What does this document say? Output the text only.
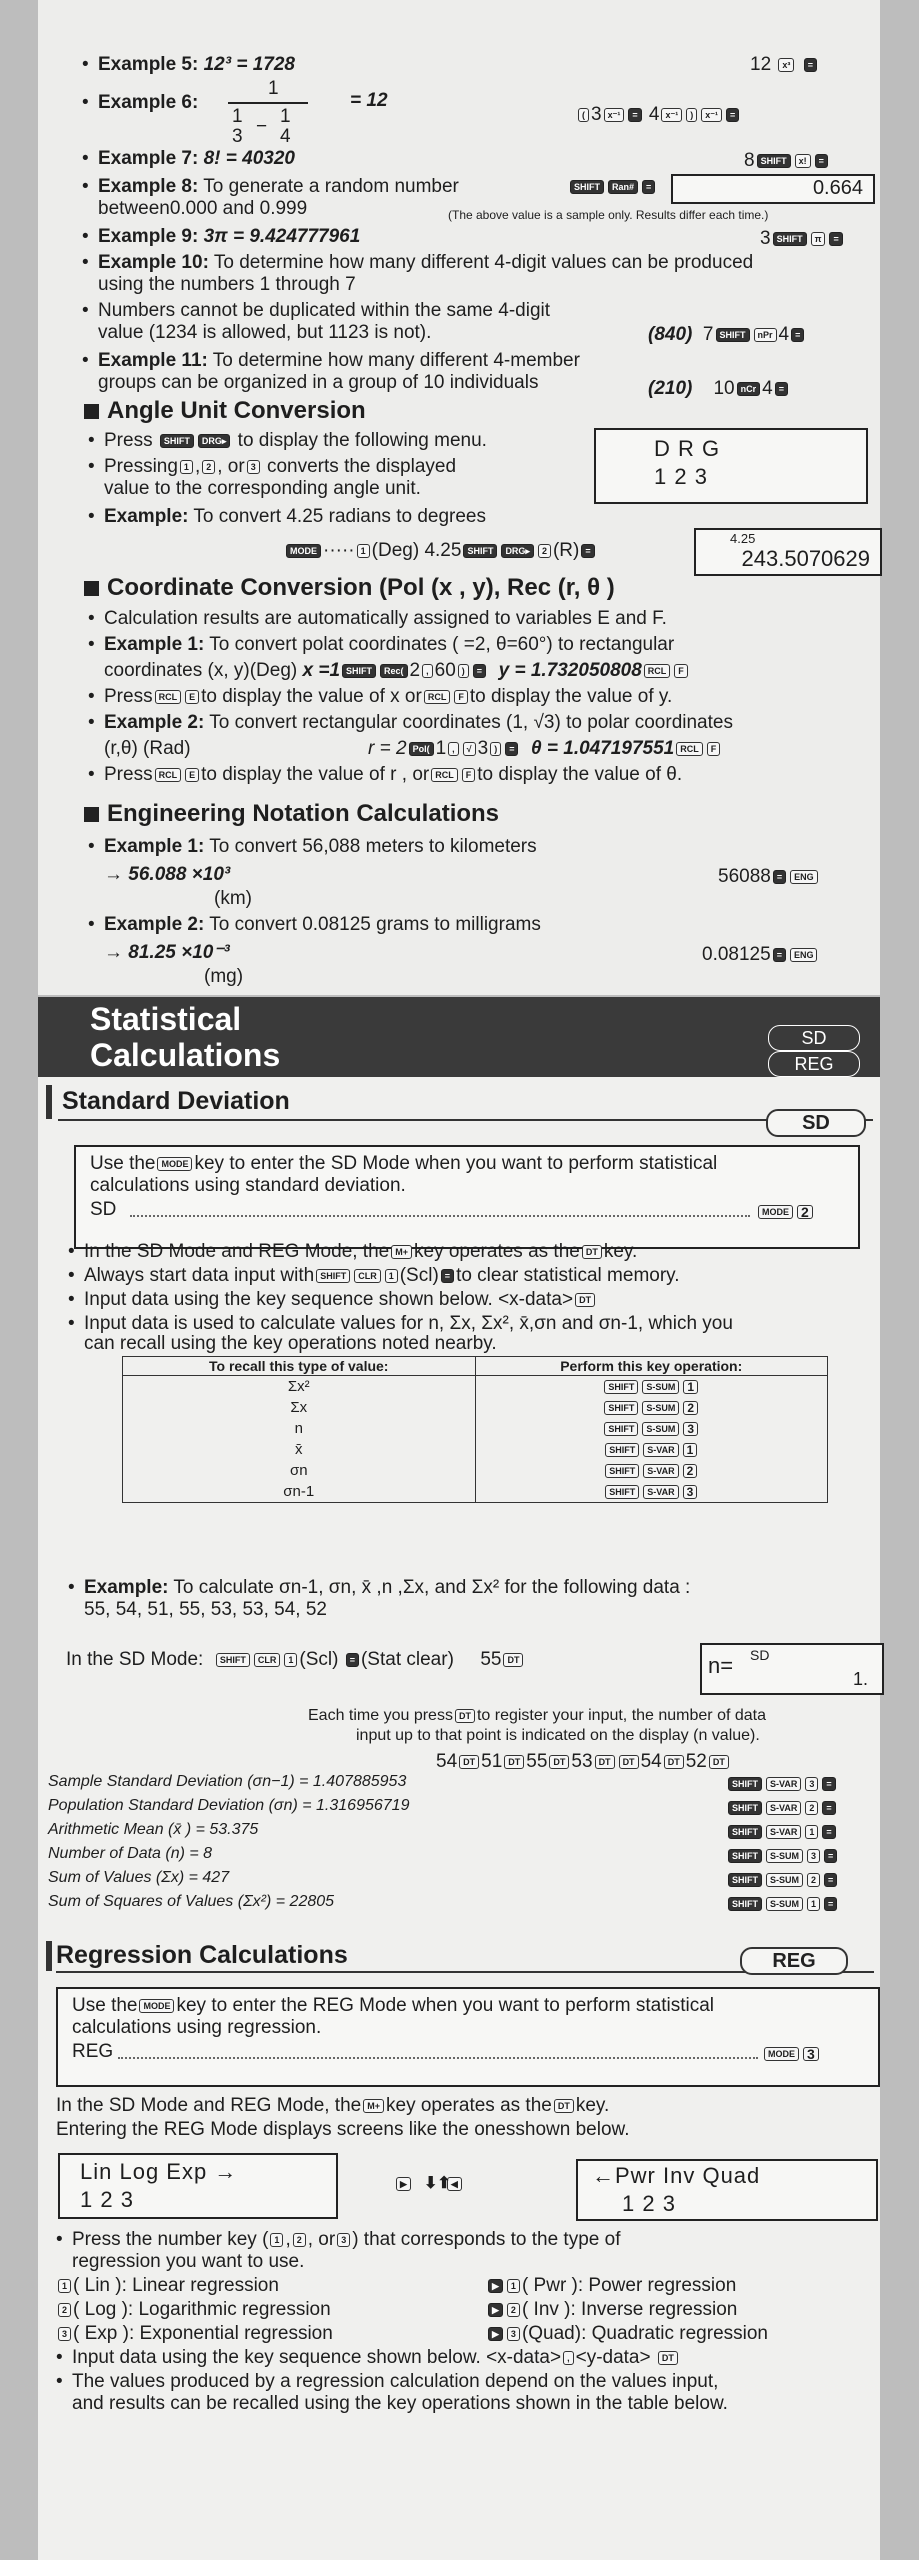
• Example 5: 12³ = 1728	12 x³ =
• Example 6:
1
1 − 1
3 4
= 12
( 3 x⁻¹ = 4 x⁻¹ ) x⁻¹ =
• Example 7: 8! = 40320	8 SHIFT x! =
• Example 8: To generate a random number
between0.000 and 0.999
SHIFT Ran# =	0.664
(The above value is a sample only. Results differ each time.)
• Example 9: 3π = 9.424777961	3 SHIFT π =
• Example 10: To determine how many different 4-digit values can be produced
using the numbers 1 through 7
• Numbers cannot be duplicated within the same 4-digit
value (1234 is allowed, but 1123 is not).	(840) 7 SHIFT nPr 4 =
• Example 11: To determine how many different 4-member
groups can be organized in a group of 10 individuals	(210) 10 nCr 4 =
Angle Unit Conversion
• Press SHIFT DRG▸ to display the following menu.
• Pressing 1 , 2 , or 3 converts the displayed
value to the corresponding angle unit.
D R G
1 2 3
• Example: To convert 4.25 radians to degrees
MODE ····· 1 (Deg) 4.25 SHIFT DRG▸ 2 (R) =
4.25
243.5070629
Coordinate Conversion (Pol (x , y), Rec (r, θ )
• Calculation results are automatically assigned to variables E and F.
• Example 1: To convert polat coordinates ( =2, θ=60°) to rectangular
coordinates (x, y)(Deg) x =1 SHIFT Rec( 2 , 60 ) = y = 1.732050808 RCL F
• Press RCL E to display the value of x or RCL F to display the value of y.
• Example 2: To convert rectangular coordinates (1, √3) to polar coordinates
(r,θ) (Rad)	r = 2 Pol( 1 , √ 3 ) = θ = 1.047197551 RCL F
• Press RCL E to display the value of r , or RCL F to display the value of θ.
Engineering Notation Calculations
• Example 1: To convert 56,088 meters to kilometers
→ 56.088 ×10³
(km)
56088 = ENG
• Example 2: To convert 0.08125 grams to milligrams
→ 81.25 ×10⁻³
(mg)
0.08125 = ENG
Statistical
Calculations	SD
REG
Standard Deviation
SD
Use the MODE key to enter the SD Mode when you want to perform statistical
calculations using standard deviation.
SD	MODE 2
• In the SD Mode and REG Mode, the M+ key operates as the DT key.
• Always start data input with SHIFT CLR 1 (Scl) = to clear statistical memory.
• Input data using the key sequence shown below. <x-data> DT
• Input data is used to calculate values for n, Σx, Σx², x̄,σn and σn-1, which you
can recall using the key operations noted nearby.
To recall this type of value:	Perform this key operation:
Σx²	SHIFT S-SUM 1
Σx	SHIFT S-SUM 2
n	SHIFT S-SUM 3
x̄	SHIFT S-VAR 1
σn	SHIFT S-VAR 2
σn-1	SHIFT S-VAR 3
• Example: To calculate σn-1, σn, x̄ ,n ,Σx, and Σx² for the following data :
55, 54, 51, 55, 53, 53, 54, 52
In the SD Mode: SHIFT CLR 1 (Scl) = (Stat clear) 55 DT	n= SD
1.
Each time you press DT to register your input, the number of data
input up to that point is indicated on the display (n value).
54 DT 51 DT 55 DT 53 DT DT 54 DT 52 DT
Sample Standard Deviation (σn−1) = 1.407885953	SHIFT S-VAR 3 =
Population Standard Deviation (σn) = 1.316956719	SHIFT S-VAR 2 =
Arithmetic Mean (x̄ ) = 53.375	SHIFT S-VAR 1 =
Number of Data (n) = 8	SHIFT S-SUM 3 =
Sum of Values (Σx) = 427	SHIFT S-SUM 2 =
Sum of Squares of Values (Σx²) = 22805	SHIFT S-SUM 1 =
Regression Calculations	REG
Use the MODE key to enter the REG Mode when you want to perform statistical
calculations using regression.
REG	MODE 3
In the SD Mode and REG Mode, the M+ key operates as the DT key.
Entering the REG Mode displays screens like the onesshown below.
Lin Log Exp →
1 2 3
▶ ⬇⬆ ◀	←Pwr Inv Quad
1 2 3
• Press the number key ( 1 , 2 , or 3 ) that corresponds to the type of
regression you want to use.
1 ( Lin ): Linear regression
2 ( Log ): Logarithmic regression
3 ( Exp ): Exponential regression
▶ 1 ( Pwr ): Power regression
▶ 2 ( Inv ): Inverse regression
▶ 3 (Quad): Quadratic regression
• Input data using the key sequence shown below. <x-data> , <y-data> DT
• The values produced by a regression calculation depend on the values input,
and results can be recalled using the key operations shown in the table below.
